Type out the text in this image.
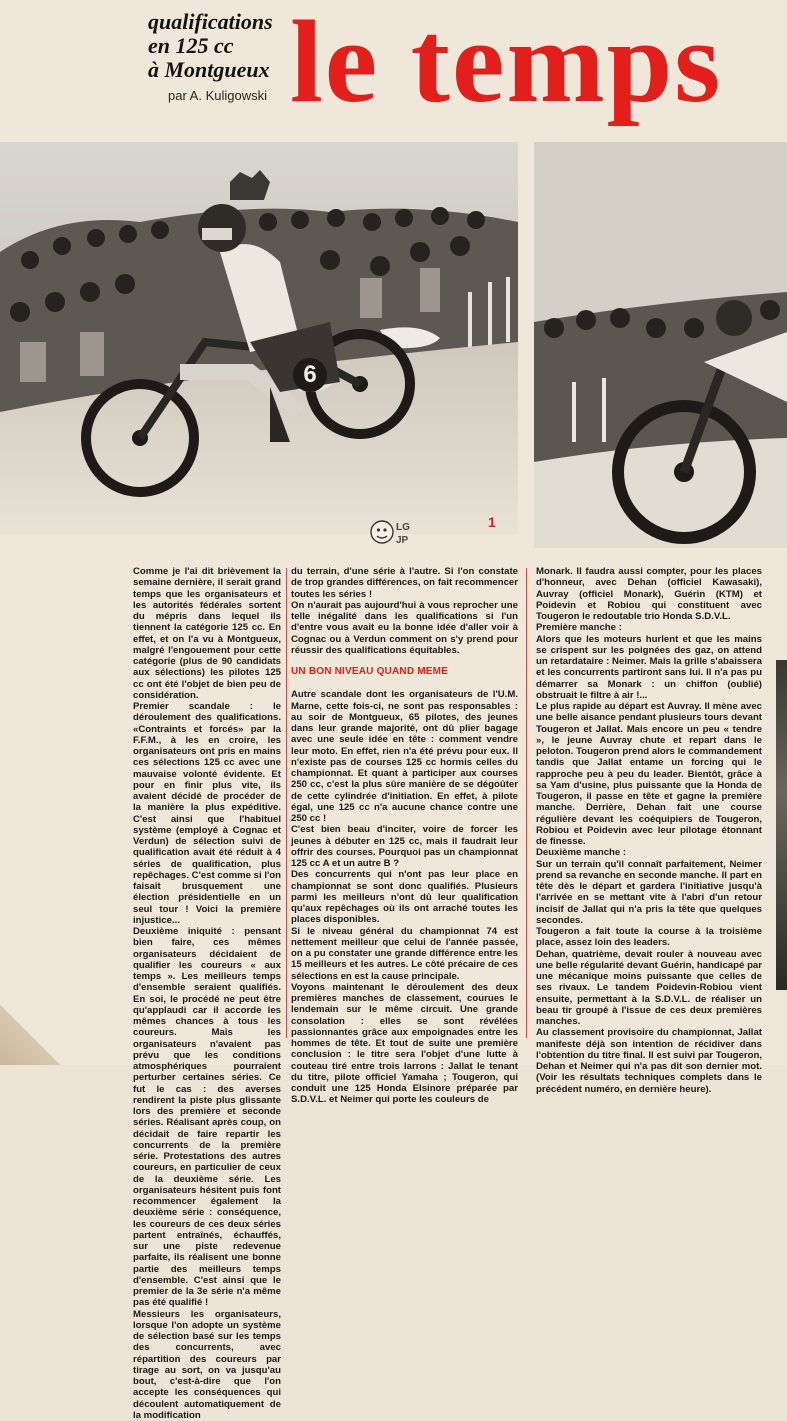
qualifications
en 125 cc
à Montgueux
par A. Kuligowski le temps
6
LG
JP
1

Comme je l'ai dit brièvement la semaine dernière, il serait grand temps que les organisateurs et les autorités fédérales sortent du mépris dans lequel ils tiennent la catégorie 125 cc. En effet, et on l'a vu à Montgueux, malgré l'engouement pour cette catégorie (plus de 90 candidats aux sélections) les pilotes 125 cc ont été l'objet de bien peu de considération.

Premier scandale : le déroulement des qualifications. «Contraints et forcés» par la F.F.M., à les en croire, les organisateurs ont pris en mains ces sélections 125 cc avec une mauvaise volonté évidente. Et pour en finir plus vite, ils avaient décidé de procéder de la manière la plus expéditive. C'est ainsi que l'habituel système (employé à Cognac et Verdun) de sélection suivi de qualification avait été réduit à 4 séries de qualification, plus repêchages. C'est comme si l'on faisait brusquement une élection présidentielle en un seul tour ! Voici la première injustice...

Deuxième iniquité : pensant bien faire, ces mêmes organisateurs décidaient de qualifier les coureurs « aux temps ». Les meilleurs temps d'ensemble seraient qualifiés. En soi, le procédé ne peut être qu'applaudi car il accorde les mêmes chances à tous les coureurs. Mais les organisateurs n'avaient pas prévu que les conditions atmosphériques pourraient perturber certaines séries. Ce fut le cas : des averses rendirent la piste plus glissante lors des première et seconde séries. Réalisant après coup, on décidait de faire repartir les concurrents de la première série. Protestations des autres coureurs, en particulier de ceux de la deuxième série. Les organisateurs hésitent puis font recommencer également la deuxième série : conséquence, les coureurs de ces deux séries partent entraînés, échauffés, sur une piste redevenue parfaite, ils réalisent une bonne partie des meilleurs temps d'ensemble. C'est ainsi que le premier de la 3e série n'a même pas été qualifié !

Messieurs les organisateurs, lorsque l'on adopte un système de sélection basé sur les temps des concurrents, avec répartition des coureurs par tirage au sort, on va jusqu'au bout, c'est-à-dire que l'on accepte les conséquences qui découlent automatiquement de la modification

du terrain, d'une série à l'autre. Si l'on constate de trop grandes différences, on fait recommencer toutes les séries !

On n'aurait pas aujourd'hui à vous reprocher une telle inégalité dans les qualifications si l'un d'entre vous avait eu la bonne idée d'aller voir à Cognac ou à Verdun comment on s'y prend pour réussir des qualifications équitables.

UN BON NIVEAU QUAND MEME

Autre scandale dont les organisateurs de l'U.M. Marne, cette fois-ci, ne sont pas responsables : au soir de Montgueux, 65 pilotes, des jeunes dans leur grande majorité, ont dû plier bagage avec une seule idée en tête : comment vendre leur moto. En effet, rien n'a été prévu pour eux. Il n'existe pas de courses 125 cc hormis celles du championnat. Et quant à participer aux courses 250 cc, c'est la plus sûre manière de se dégoûter de cette cylindrée d'initiation. En effet, à pilote égal, une 125 cc n'a aucune chance contre une 250 cc !

C'est bien beau d'inciter, voire de forcer les jeunes à débuter en 125 cc, mais il faudrait leur offrir des courses. Pourquoi pas un championnat 125 cc A et un autre B ?

Des concurrents qui n'ont pas leur place en championnat se sont donc qualifiés. Plusieurs parmi les meilleurs n'ont dû leur qualification qu'aux repêchages où ils ont arraché toutes les places disponibles.

Si le niveau général du championnat 74 est nettement meilleur que celui de l'année passée, on a pu constater une grande différence entre les 15 meilleurs et les autres. Le côté précaire de ces sélections en est la cause principale.

Voyons maintenant le déroulement des deux premières manches de classement, courues le lendemain sur le même circuit. Une grande consolation : elles se sont révélées passionnantes grâce aux empoignades entre les hommes de tête. Et tout de suite une première conclusion : le titre sera l'objet d'une lutte à couteau tiré entre trois larrons : Jallat le tenant du titre, pilote officiel Yamaha ; Tougeron, qui conduit une 125 Honda Elsinore préparée par S.D.V.L. et Neimer qui porte les couleurs de

Monark. Il faudra aussi compter, pour les places d'honneur, avec Dehan (officiel Kawasaki), Auvray (officiel Monark), Guérin (KTM) et Poidevin et Robiou qui constituent avec Tougeron le redoutable trio Honda S.D.V.L.

Première manche :

Alors que les moteurs hurlent et que les mains se crispent sur les poignées des gaz, on attend un retardataire : Neimer. Mais la grille s'abaissera et les concurrents partiront sans lui. Il n'a pas pu démarrer sa Monark : un chiffon (oublié) obstruait le filtre à air !...

Le plus rapide au départ est Auvray. Il mène avec une belle aisance pendant plusieurs tours devant Tougeron et Jallat. Mais encore un peu « tendre », le jeune Auvray chute et repart dans le peloton. Tougeron prend alors le commandement tandis que Jallat entame un forcing qui le rapproche peu à peu du leader. Bientôt, grâce à sa Yam d'usine, plus puissante que la Honda de Tougeron, il passe en tête et gagne la première manche. Derrière, Dehan fait une course régulière devant les coéquipiers de Tougeron, Robiou et Poidevin avec leur pilotage étonnant de finesse.

Deuxième manche :

Sur un terrain qu'il connaît parfaitement, Neimer prend sa revanche en seconde manche. Il part en tête dès le départ et gardera l'initiative jusqu'à l'arrivée en se mettant vite à l'abri d'un retour incisif de Jallat qui n'a pris la tête que quelques secondes.

Tougeron a fait toute la course à la troisième place, assez loin des leaders.

Dehan, quatrième, devait rouler à nouveau avec une belle régularité devant Guérin, handicapé par une mécanique moins puissante que celles de ses rivaux. Le tandem Poidevin-Robiou vient ensuite, permettant à la S.D.V.L. de réaliser un beau tir groupé à l'issue de ces deux premières manches.

Au classement provisoire du championnat, Jallat manifeste déjà son intention de récidiver dans l'obtention du titre final. Il est suivi par Tougeron, Dehan et Neimer qui n'a pas dit son dernier mot. (Voir les résultats techniques complets dans le précédent numéro, en dernière heure).
